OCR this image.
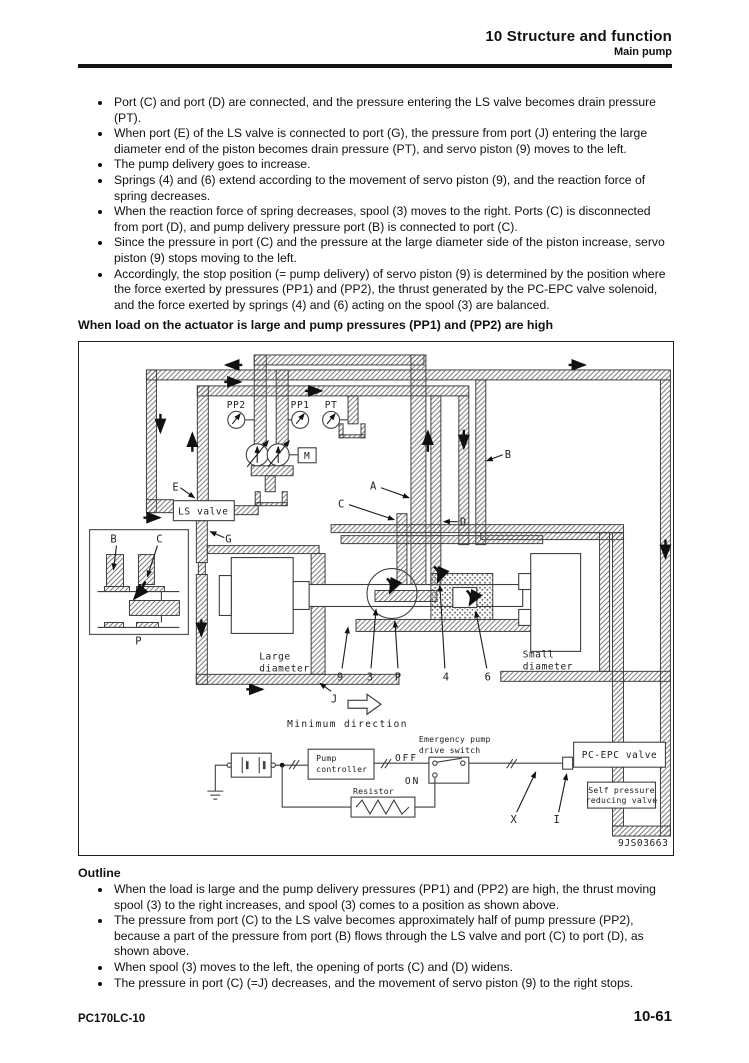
10 Structure and function
Main pump
• Port (C) and port (D) are connected, and the pressure entering the LS valve becomes drain pressure (PT).
• When port (E) of the LS valve is connected to port (G), the pressure from port (J) entering the large diameter end of the piston becomes drain pressure (PT), and servo piston (9) moves to the left.
• The pump delivery goes to increase.
• Springs (4) and (6) extend according to the movement of servo piston (9), and the reaction force of spring decreases.
• When the reaction force of spring decreases, spool (3) moves to the right. Ports (C) is disconnected from port (D), and pump delivery pressure port (B) is connected to port (C).
• Since the pressure in port (C) and the pressure at the large diameter side of the piston increase, servo piston (9) stops moving to the left.
• Accordingly, the stop position (= pump delivery) of servo piston (9) is determined by the position where the force exerted by pressures (PP1) and (PP2), the thrust generated by the PC-EPC valve solenoid, and the force exerted by springs (4) and (6) acting on the spool (3) are balanced.
When load on the actuator is large and pump pressures (PP1) and (PP2) are high
PP2	PP1 PT
M
LS valve
B	C
P
E
G
A
B
C
D
J
9 3 P	4	6
Large
diameter
Small
diameter
Minimum direction
Pump
controller
OFF
ON
Emergency pump
drive switch
Resistor
X	I
PC-EPC valve
Self pressure
reducing valve
9JS03663
Outline
• When the load is large and the pump delivery pressures (PP1) and (PP2) are high, the thrust moving spool (3) to the right increases, and spool (3) comes to a position as shown above.
• The pressure from port (C) to the LS valve becomes approximately half of pump pressure (PP2), because a part of the pressure from port (B) flows through the LS valve and port (C) to port (D), as shown above.
• When spool (3) moves to the left, the opening of ports (C) and (D) widens.
• The pressure in port (C) (=J) decreases, and the movement of servo piston (9) to the right stops.
PC170LC-10	10-61
